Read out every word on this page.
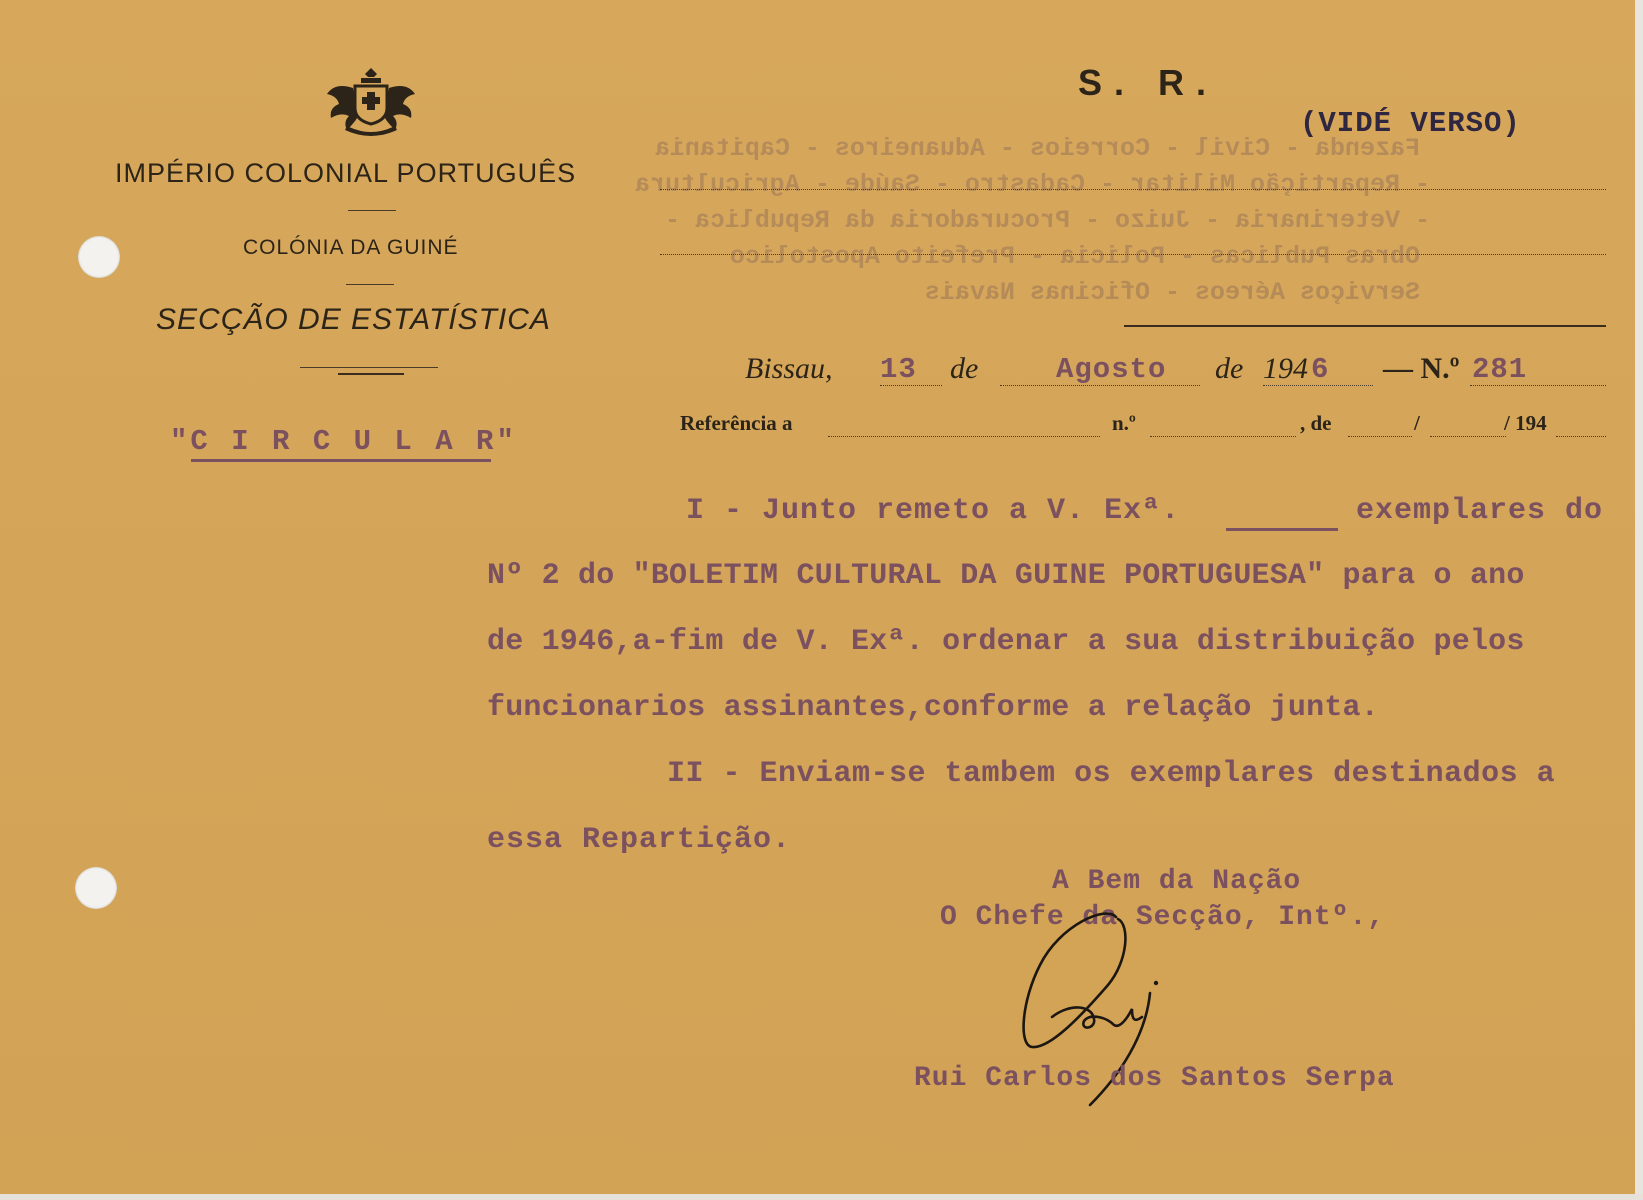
IMPÉRIO COLONIAL PORTUGUÊS
COLÓNIA DA GUINÉ
SECÇÃO DE ESTATÍSTICA
"C I R C U L A R"
S. R.
(VIDÉ VERSO)
Fazenda - Civil - Correios - Aduaneiros - Capitania
- Repartição Militar - Cadastro - Saúde - Agricultura
- Veterinaria - Juizo - Procuradoria da Republica -
Obras Publicas - Policia - Prefeito Apostolico
Serviços Aéreos - Oficinas Navais
Bissau, 13 de	Agosto de 194 6 — N.º 281
Referência a	n.º	, de	/	/ 194
I - Junto remeto a V. Exª.	exemplares do
Nº 2 do "BOLETIM CULTURAL DA GUINE PORTUGUESA" para o ano
de 1946,a-fim de V. Exª. ordenar a sua distribuição pelos
funcionarios assinantes,conforme a relação junta.
II - Enviam-se tambem os exemplares destinados a
essa Repartição.
A Bem da Nação
O Chefe da Secção, Intº.,
Rui Carlos dos Santos Serpa
